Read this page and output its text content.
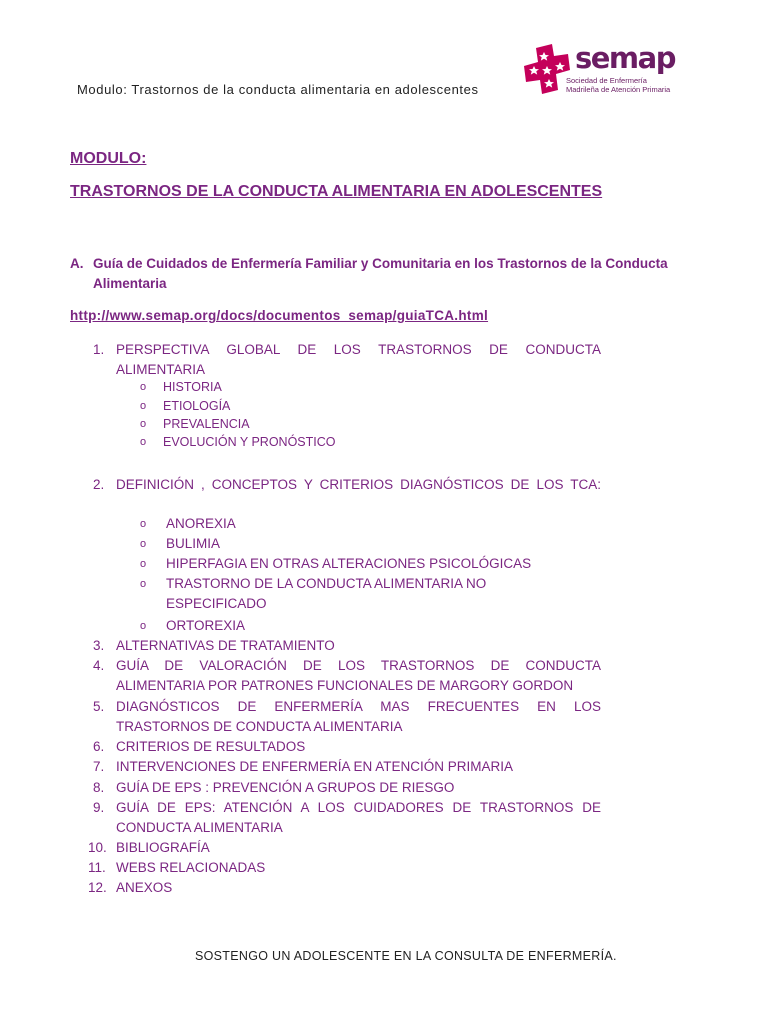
Modulo: Trastornos de la conducta alimentaria en adolescentes
semap
Sociedad de Enfermería
Madrileña de Atención Primaria
MODULO:
TRASTORNOS DE LA CONDUCTA ALIMENTARIA EN ADOLESCENTES
A. Guía de Cuidados de Enfermería Familiar y Comunitaria en los Trastornos de la Conducta Alimentaria
http://www.semap.org/docs/documentos_semap/guiaTCA.html
1. PERSPECTIVA GLOBAL DE LOS TRASTORNOS DE CONDUCTA ALIMENTARIA
o HISTORIA
o ETIOLOGÍA
o PREVALENCIA
o EVOLUCIÓN Y PRONÓSTICO
2. DEFINICIÓN , CONCEPTOS Y CRITERIOS DIAGNÓSTICOS DE LOS TCA:
o ANOREXIA
o BULIMIA
o HIPERFAGIA EN OTRAS ALTERACIONES PSICOLÓGICAS
o TRASTORNO DE LA CONDUCTA ALIMENTARIA NO ESPECIFICADO
o ORTOREXIA
3. ALTERNATIVAS DE TRATAMIENTO
4. GUÍA DE VALORACIÓN DE LOS TRASTORNOS DE CONDUCTA ALIMENTARIA POR PATRONES FUNCIONALES DE MARGORY GORDON
5. DIAGNÓSTICOS DE ENFERMERÍA MAS FRECUENTES EN LOS TRASTORNOS DE CONDUCTA ALIMENTARIA
6. CRITERIOS DE RESULTADOS
7. INTERVENCIONES DE ENFERMERÍA EN ATENCIÓN PRIMARIA
8. GUÍA DE EPS : PREVENCIÓN A GRUPOS DE RIESGO
9. GUÍA DE EPS: ATENCIÓN A LOS CUIDADORES DE TRASTORNOS DE CONDUCTA ALIMENTARIA
10. BIBLIOGRAFÍA
11. WEBS RELACIONADAS
12. ANEXOS
SOSTENGO UN ADOLESCENTE EN LA CONSULTA DE ENFERMERÍA.
